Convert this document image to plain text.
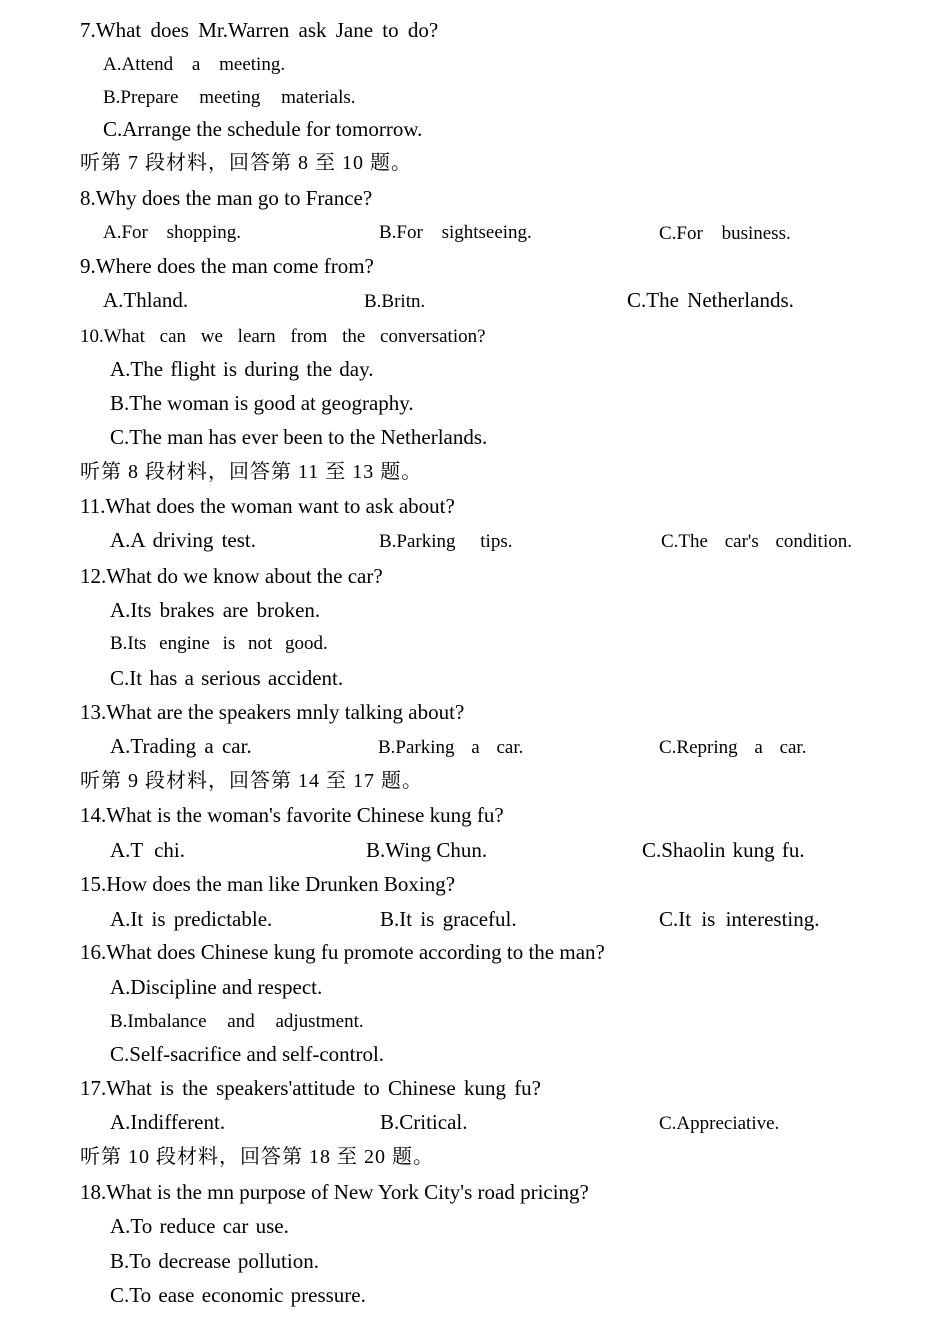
7.What does Mr.Warren ask Jane to do?
A.Attend a meeting.
B.Prepare meeting materials.
C.Arrange the schedule for tomorrow.
听第 7 段材料，回答第 8 至 10 题。
8.Why does the man go to France?
A.For shopping.	B.For sightseeing.	C.For business.
9.Where does the man come from?
A.Thland.	B.Britn.	C.The Netherlands.
10.What can we learn from the conversation?
A.The flight is during the day.
B.The woman is good at geography.
C.The man has ever been to the Netherlands.
听第 8 段材料，回答第 11 至 13 题。
11.What does the woman want to ask about?
A.A driving test.	B.Parking tips.	C.The car's condition.
12.What do we know about the car?
A.Its brakes are broken.
B.Its engine is not good.
C.It has a serious accident.
13.What are the speakers mnly talking about?
A.Trading a car.	B.Parking a car.	C.Repring a car.
听第 9 段材料，回答第 14 至 17 题。
14.What is the woman's favorite Chinese kung fu?
A.T chi.	B.Wing Chun.	C.Shaolin kung fu.
15.How does the man like Drunken Boxing?
A.It is predictable.	B.It is graceful.	C.It is interesting.
16.What does Chinese kung fu promote according to the man?
A.Discipline and respect.
B.Imbalance and adjustment.
C.Self-sacrifice and self-control.
17.What is the speakers'attitude to Chinese kung fu?
A.Indifferent.	B.Critical.	C.Appreciative.
听第 10 段材料，回答第 18 至 20 题。
18.What is the mn purpose of New York City's road pricing?
A.To reduce car use.
B.To decrease pollution.
C.To ease economic pressure.
